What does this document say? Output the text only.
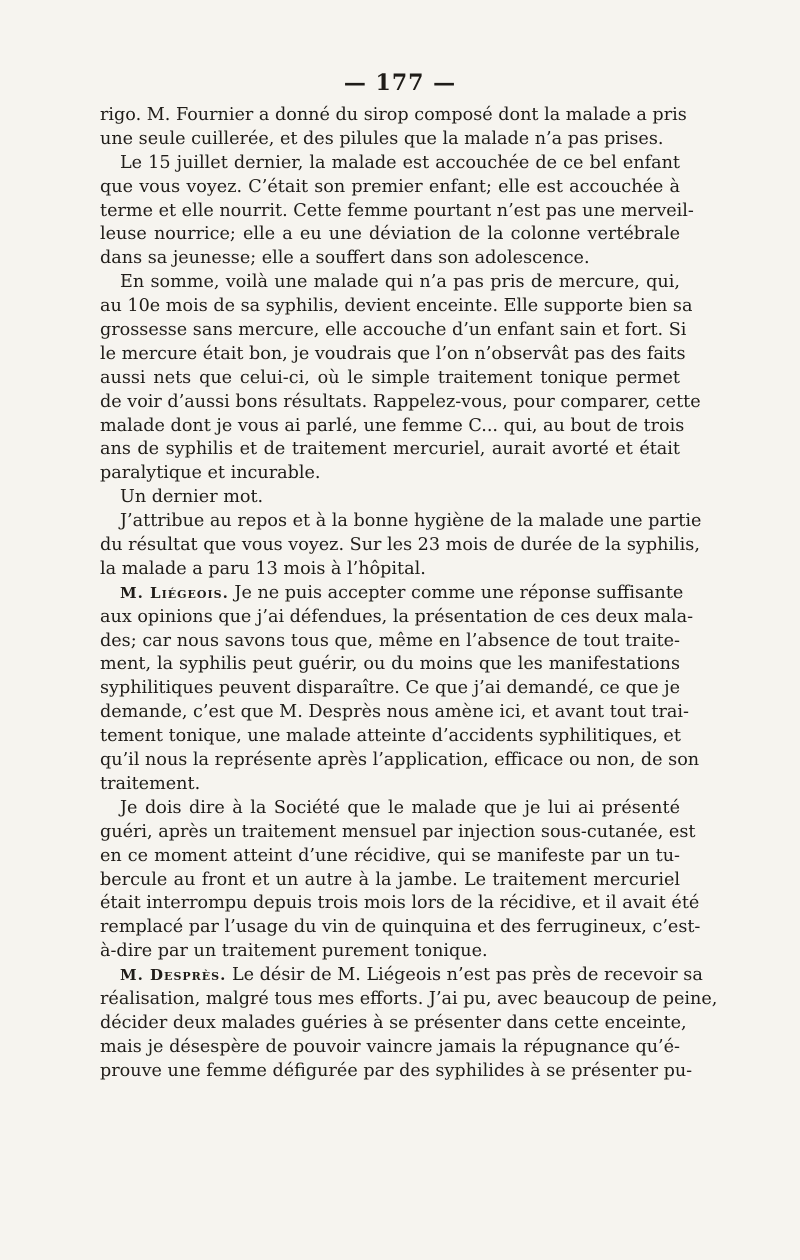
— 177 —
rigo. M. Fournier a donné du sirop composé dont la malade a pris
une seule cuillerée, et des pilules que la malade n’a pas prises.
Le 15 juillet dernier, la malade est accouchée de ce bel enfant
que vous voyez. C’était son premier enfant; elle est accouchée à
terme et elle nourrit. Cette femme pourtant n’est pas une merveil-
leuse nourrice; elle a eu une déviation de la colonne vertébrale
dans sa jeunesse; elle a souffert dans son adolescence.
En somme, voilà une malade qui n’a pas pris de mercure, qui,
au 10e mois de sa syphilis, devient enceinte. Elle supporte bien sa
grossesse sans mercure, elle accouche d’un enfant sain et fort. Si
le mercure était bon, je voudrais que l’on n’observât pas des faits
aussi nets que celui-ci, où le simple traitement tonique permet
de voir d’aussi bons résultats. Rappelez-vous, pour comparer, cette
malade dont je vous ai parlé, une femme C... qui, au bout de trois
ans de syphilis et de traitement mercuriel, aurait avorté et était
paralytique et incurable.
Un dernier mot.
J’attribue au repos et à la bonne hygiène de la malade une partie
du résultat que vous voyez. Sur les 23 mois de durée de la syphilis,
la malade a paru 13 mois à l’hôpital.
M. Liégeois. Je ne puis accepter comme une réponse suffisante
aux opinions que j’ai défendues, la présentation de ces deux mala-
des; car nous savons tous que, même en l’absence de tout traite-
ment, la syphilis peut guérir, ou du moins que les manifestations
syphilitiques peuvent disparaître. Ce que j’ai demandé, ce que je
demande, c’est que M. Desprès nous amène ici, et avant tout trai-
tement tonique, une malade atteinte d’accidents syphilitiques, et
qu’il nous la représente après l’application, efficace ou non, de son
traitement.
Je dois dire à la Société que le malade que je lui ai présenté
guéri, après un traitement mensuel par injection sous-cutanée, est
en ce moment atteint d’une récidive, qui se manifeste par un tu-
bercule au front et un autre à la jambe. Le traitement mercuriel
était interrompu depuis trois mois lors de la récidive, et il avait été
remplacé par l’usage du vin de quinquina et des ferrugineux, c’est-
à-dire par un traitement purement tonique.
M. Desprès. Le désir de M. Liégeois n’est pas près de recevoir sa
réalisation, malgré tous mes efforts. J’ai pu, avec beaucoup de peine,
décider deux malades guéries à se présenter dans cette enceinte,
mais je désespère de pouvoir vaincre jamais la répugnance qu’é-
prouve une femme défigurée par des syphilides à se présenter pu-
